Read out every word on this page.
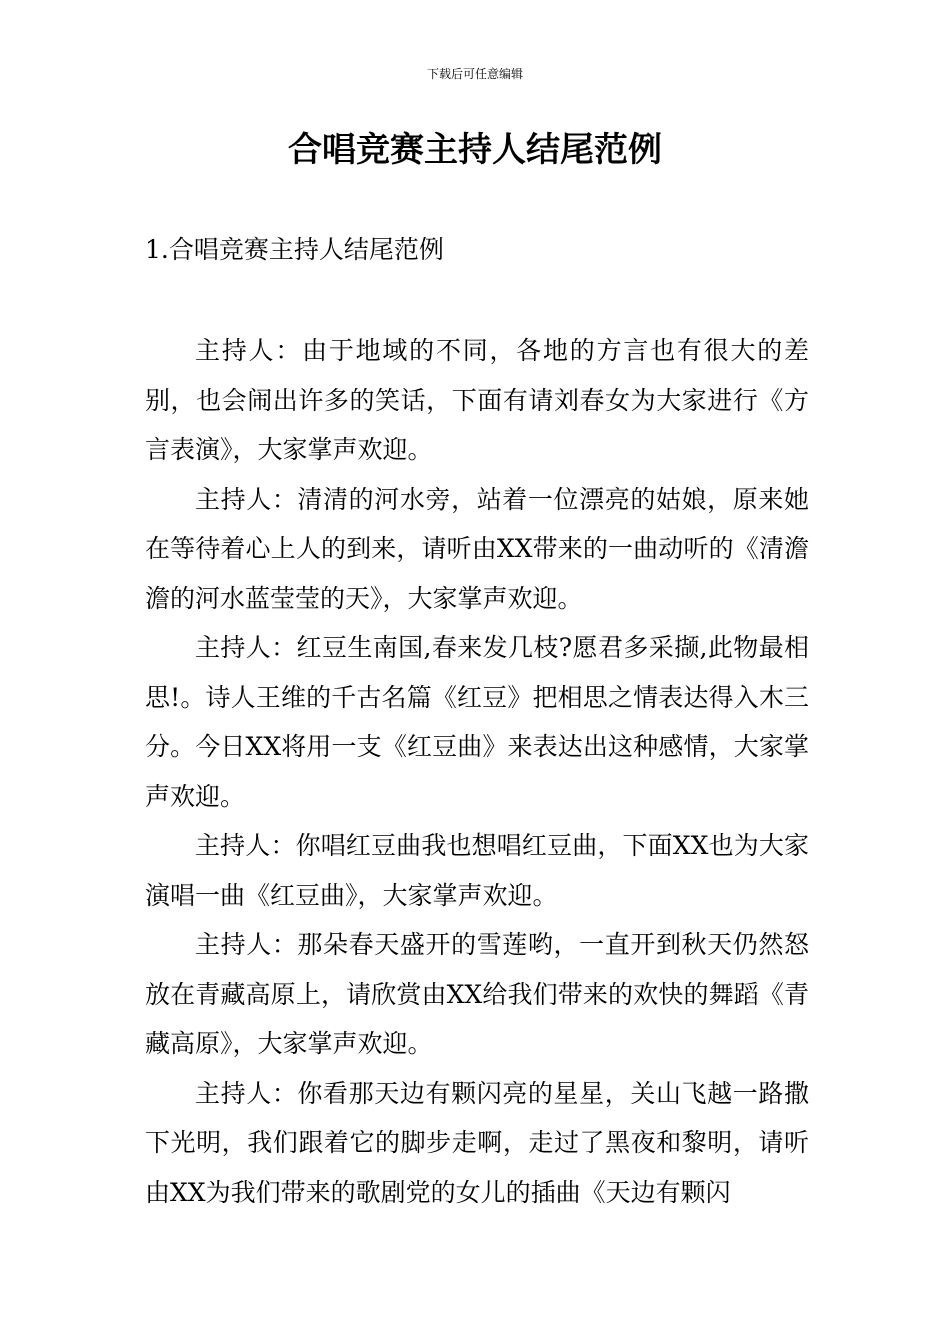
下载后可任意编辑
合唱竞赛主持人结尾范例
1.合唱竞赛主持人结尾范例

主持人：由于地域的不同，各地的方言也有很大的差别，也会闹出许多的笑话，下面有请刘春女为大家进行《方言表演》，大家掌声欢迎。

主持人：清清的河水旁，站着一位漂亮的姑娘，原来她在等待着心上人的到来，请听由XX带来的一曲动听的《清澹澹的河水蓝莹莹的天》，大家掌声欢迎。

主持人：红豆生南国,春来发几枝?愿君多采撷,此物最相思!。诗人王维的千古名篇《红豆》把相思之情表达得入木三分。今日XX将用一支《红豆曲》来表达出这种感情，大家掌声欢迎。

主持人：你唱红豆曲我也想唱红豆曲，下面XX也为大家演唱一曲《红豆曲》，大家掌声欢迎。

主持人：那朵春天盛开的雪莲哟，一直开到秋天仍然怒放在青藏高原上，请欣赏由XX给我们带来的欢快的舞蹈《青藏高原》，大家掌声欢迎。

主持人：你看那天边有颗闪亮的星星，关山飞越一路撒下光明，我们跟着它的脚步走啊，走过了黑夜和黎明，请听由XX为我们带来的歌剧党的女儿的插曲《天边有颗闪
